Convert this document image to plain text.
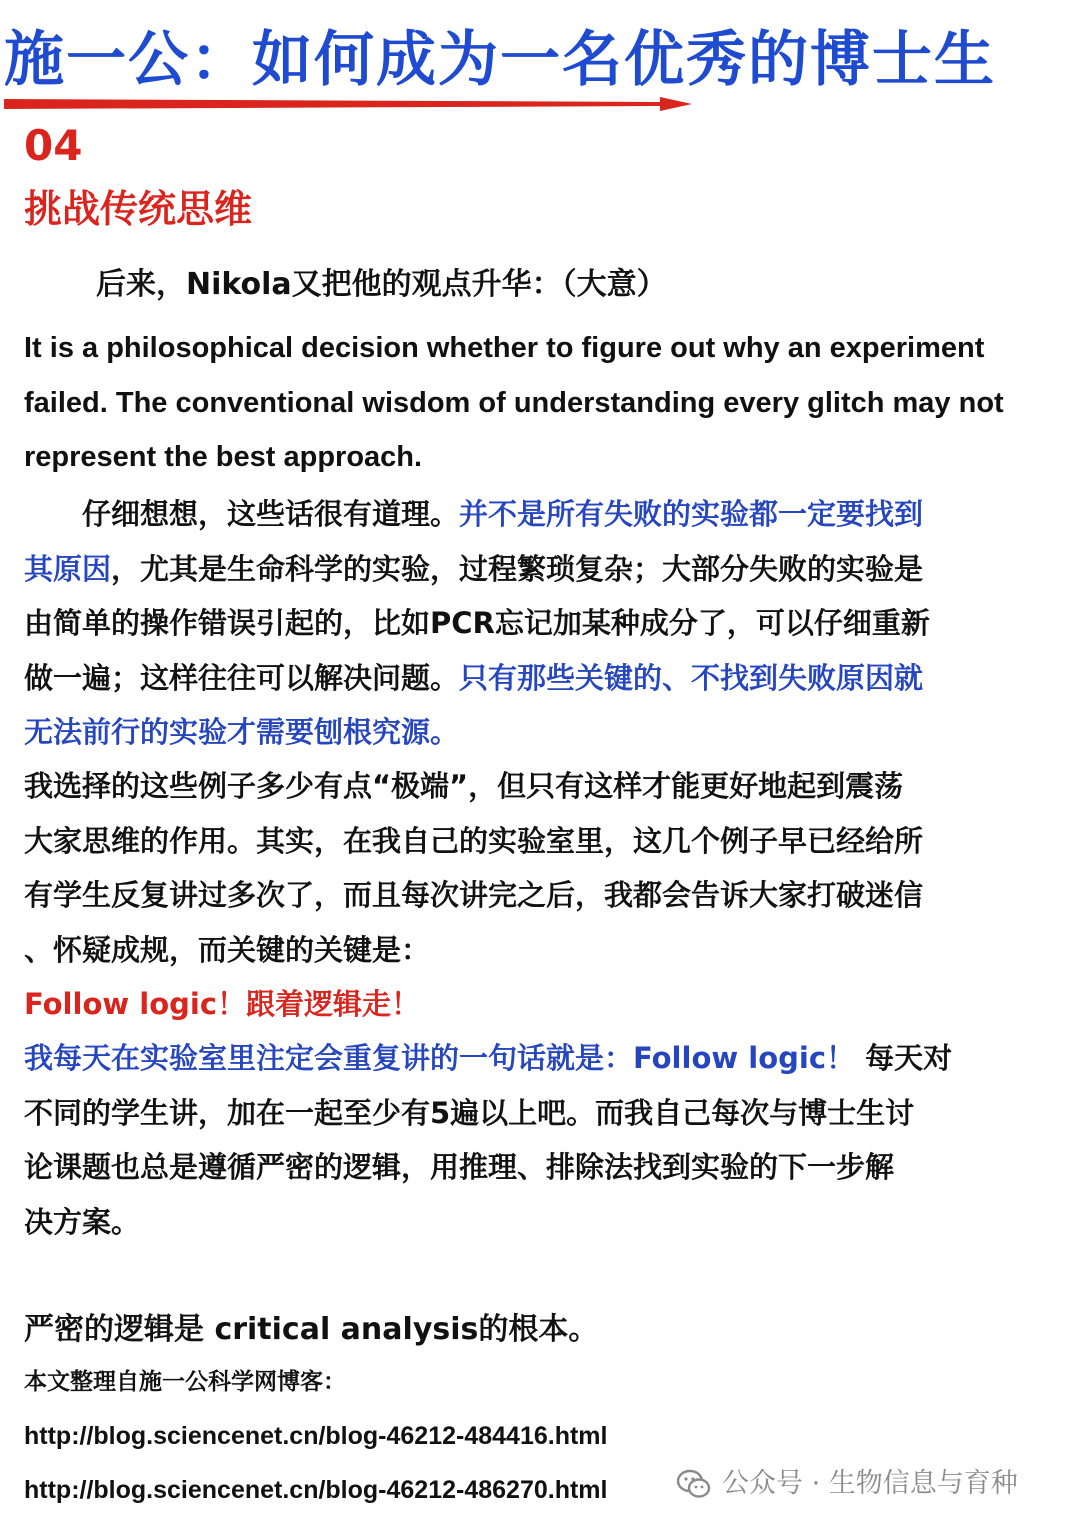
施一公：如何成为一名优秀的博士生
04
挑战传统思维
后来，Nikola又把他的观点升华：（大意）
It is a philosophical decision whether to figure out why an experiment
failed. The conventional wisdom of understanding every glitch may not
represent the best approach.
　　仔细想想，这些话很有道理。并不是所有失败的实验都一定要找到
其原因，尤其是生命科学的实验，过程繁琐复杂；大部分失败的实验是
由简单的操作错误引起的，比如PCR忘记加某种成分了，可以仔细重新
做一遍；这样往往可以解决问题。只有那些关键的、不找到失败原因就
无法前行的实验才需要刨根究源。
我选择的这些例子多少有点“极端”，但只有这样才能更好地起到震荡
大家思维的作用。其实，在我自己的实验室里，这几个例子早已经给所
有学生反复讲过多次了，而且每次讲完之后，我都会告诉大家打破迷信
、怀疑成规，而关键的关键是：
Follow logic！跟着逻辑走！
我每天在实验室里注定会重复讲的一句话就是：Follow logic！ 每天对
不同的学生讲，加在一起至少有5遍以上吧。而我自己每次与博士生讨
论课题也总是遵循严密的逻辑，用推理、排除法找到实验的下一步解
决方案。
严密的逻辑是 critical analysis的根本。
本文整理自施一公科学网博客：
http://blog.sciencenet.cn/blog-46212-484416.html
http://blog.sciencenet.cn/blog-46212-486270.html	公众号 · 生物信息与育种
